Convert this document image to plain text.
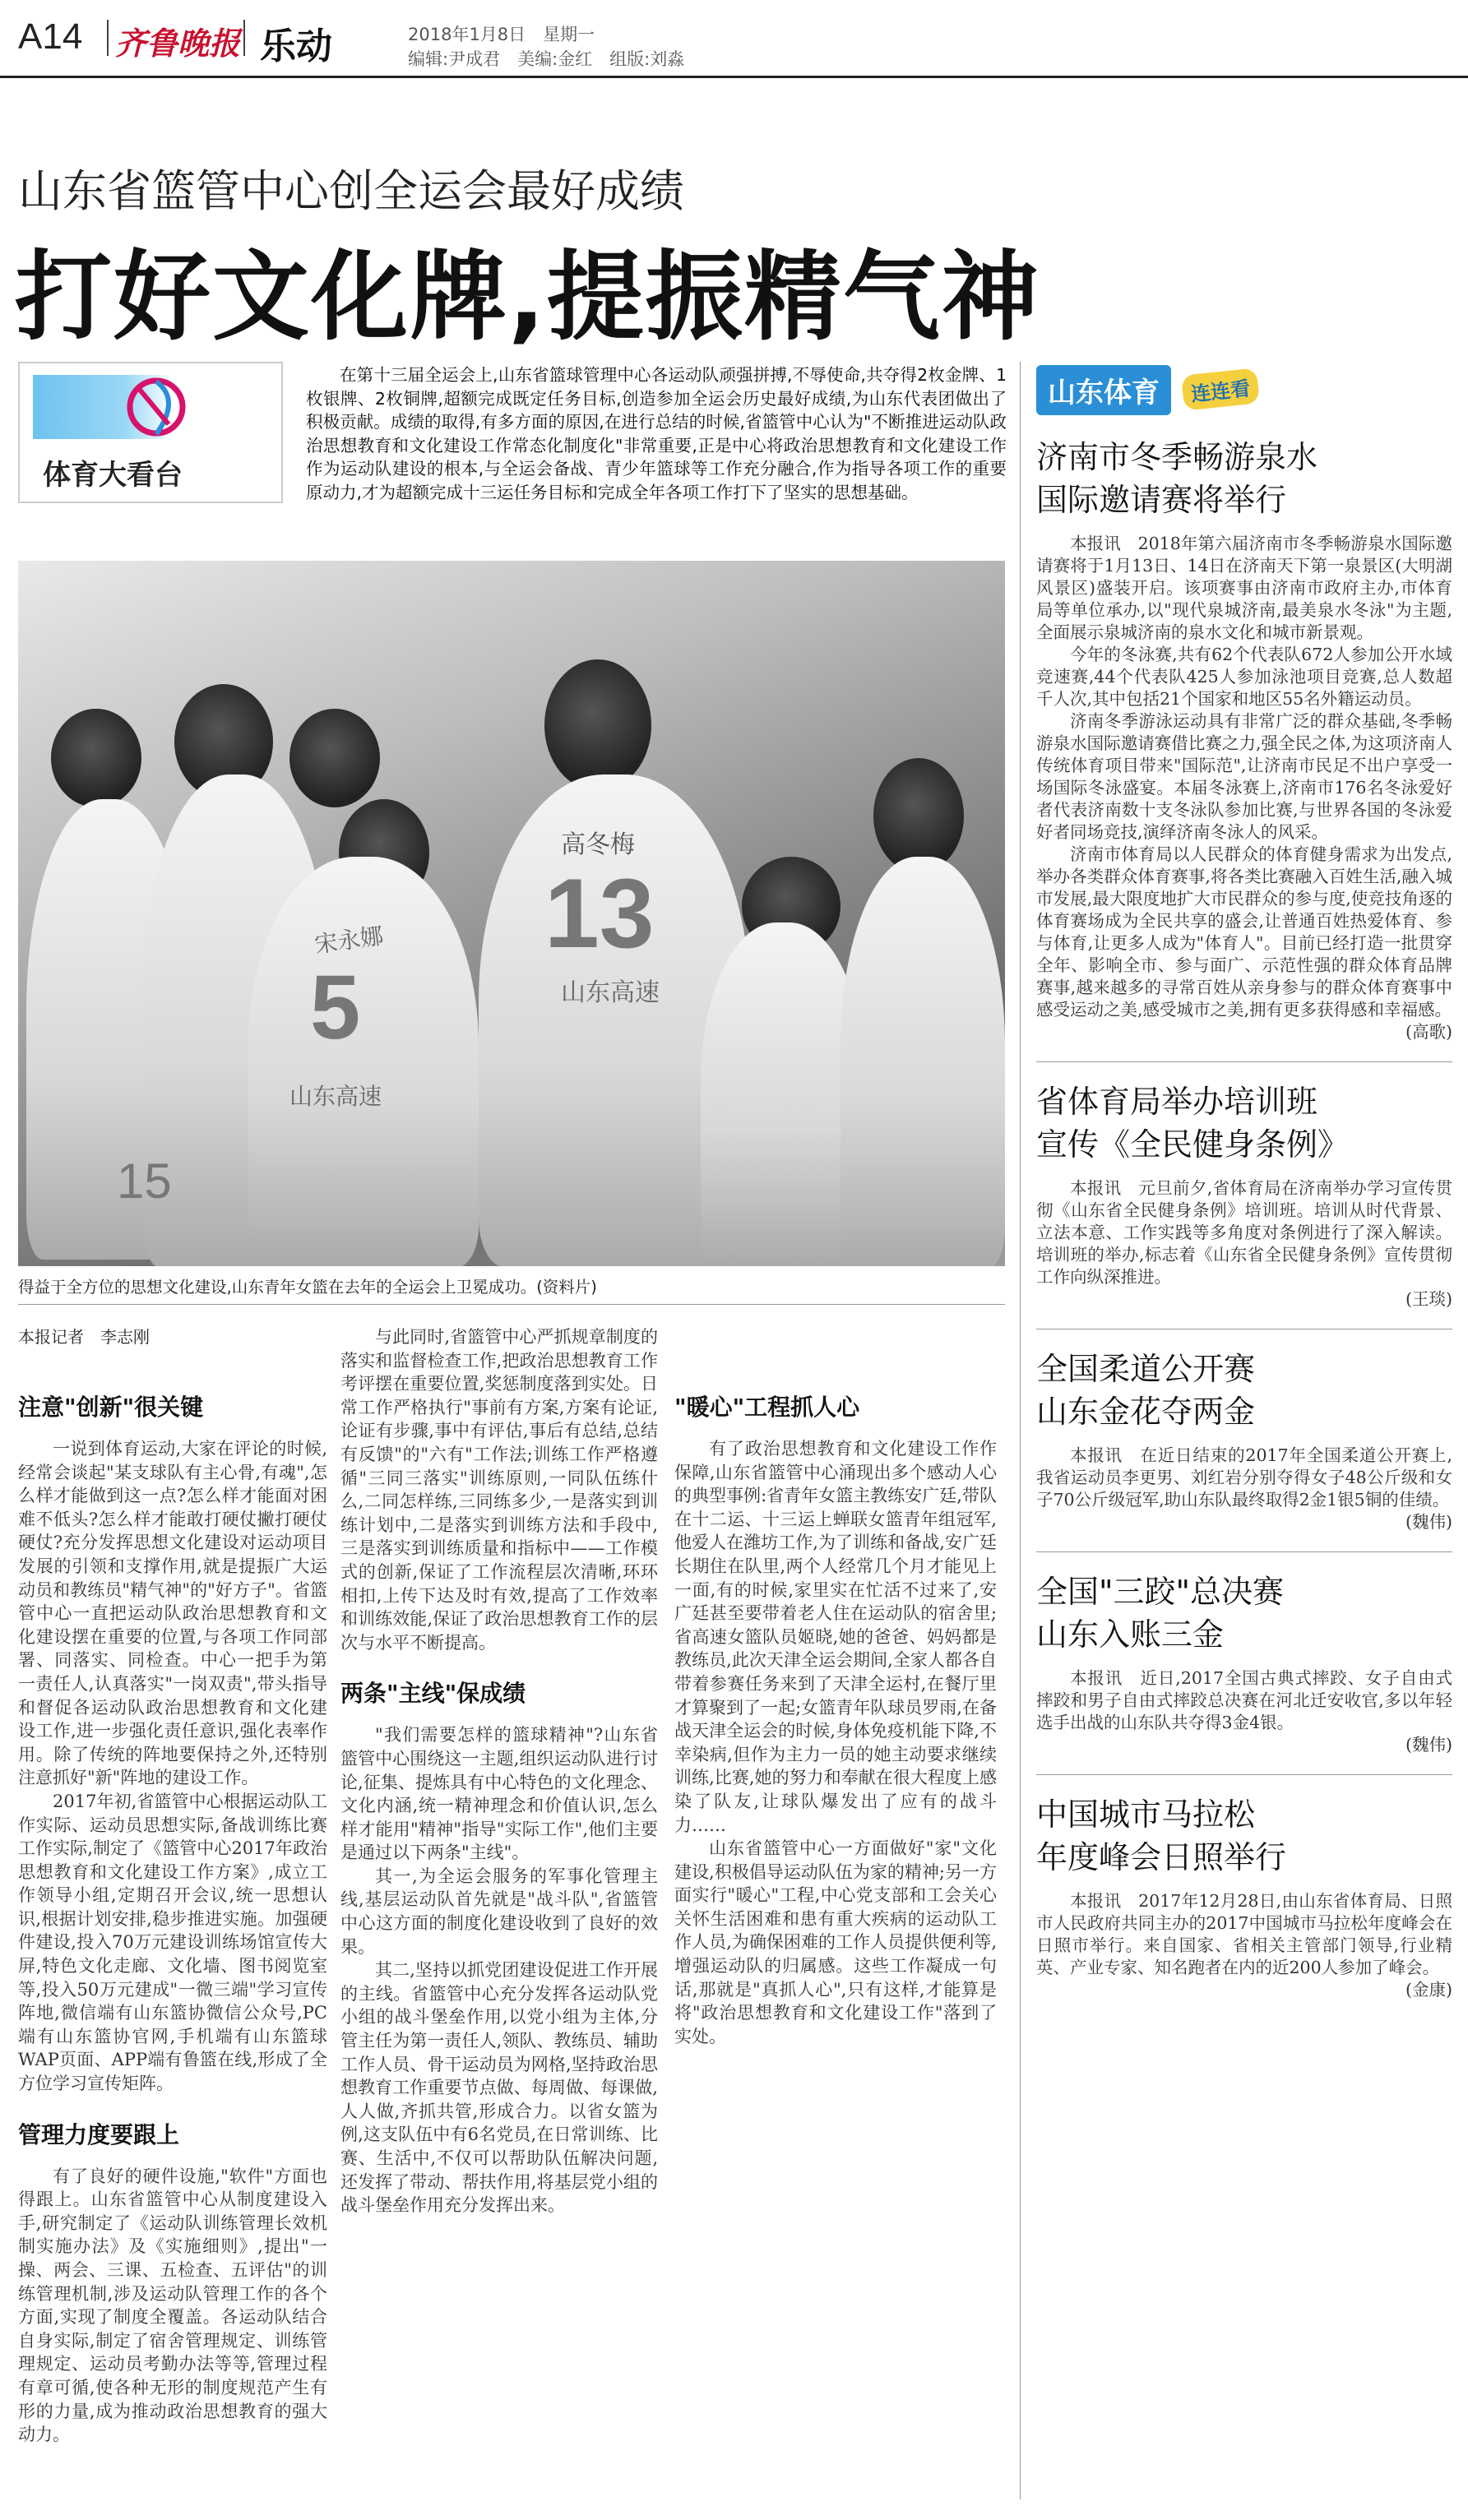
A14 齐鲁晚报 乐动	2018年1月8日　星期一
编辑:尹成君　美编:金红　组版:刘淼
山东省篮管中心创全运会最好成绩
打好文化牌,提振精气神
体育大看台

在第十三届全运会上,山东省篮球管理中心各运动队顽强拼搏,不辱使命,共夺得2枚金牌、1枚银牌、2枚铜牌,超额完成既定任务目标,创造参加全运会历史最好成绩,为山东代表团做出了积极贡献。成绩的取得,有多方面的原因,在进行总结的时候,省篮管中心认为"不断推进运动队政治思想教育和文化建设工作常态化制度化"非常重要,正是中心将政治思想教育和文化建设工作作为运动队建设的根本,与全运会备战、青少年篮球等工作充分融合,作为指导各项工作的重要原动力,才为超额完成十三运任务目标和完成全年各项工作打下了坚实的思想基础。

高冬梅
13
山东高速
宋永娜
5
山东高速
15
得益于全方位的思想文化建设,山东青年女篮在去年的全运会上卫冕成功。(资料片)
本报记者　李志刚
注意"创新"很关键

一说到体育运动,大家在评论的时候,经常会谈起"某支球队有主心骨,有魂",怎么样才能做到这一点?怎么样才能面对困难不低头?怎么样才能敢打硬仗撇打硬仗硬仗?充分发挥思想文化建设对运动项目发展的引领和支撑作用,就是提振广大运动员和教练员"精气神"的"好方子"。省篮管中心一直把运动队政治思想教育和文化建设摆在重要的位置,与各项工作同部署、同落实、同检查。中心一把手为第一责任人,认真落实"一岗双责",带头指导和督促各运动队政治思想教育和文化建设工作,进一步强化责任意识,强化表率作用。除了传统的阵地要保持之外,还特别注意抓好"新"阵地的建设工作。

2017年初,省篮管中心根据运动队工作实际、运动员思想实际,备战训练比赛工作实际,制定了《篮管中心2017年政治思想教育和文化建设工作方案》,成立工作领导小组,定期召开会议,统一思想认识,根据计划安排,稳步推进实施。加强硬件建设,投入70万元建设训练场馆宣传大屏,特色文化走廊、文化墙、图书阅览室等,投入50万元建成"一微三端"学习宣传阵地,微信端有山东篮协微信公众号,PC端有山东篮协官网,手机端有山东篮球WAP页面、APP端有鲁篮在线,形成了全方位学习宣传矩阵。

管理力度要跟上

有了良好的硬件设施,"软件"方面也得跟上。山东省篮管中心从制度建设入手,研究制定了《运动队训练管理长效机制实施办法》及《实施细则》,提出"一操、两会、三课、五检查、五评估"的训练管理机制,涉及运动队管理工作的各个方面,实现了制度全覆盖。各运动队结合自身实际,制定了宿舍管理规定、训练管理规定、运动员考勤办法等等,管理过程有章可循,使各种无形的制度规范产生有形的力量,成为推动政治思想教育的强大动力。

与此同时,省篮管中心严抓规章制度的落实和监督检查工作,把政治思想教育工作考评摆在重要位置,奖惩制度落到实处。日常工作严格执行"事前有方案,方案有论证,论证有步骤,事中有评估,事后有总结,总结有反馈"的"六有"工作法;训练工作严格遵循"三同三落实"训练原则,一同队伍练什么,二同怎样练,三同练多少,一是落实到训练计划中,二是落实到训练方法和手段中,三是落实到训练质量和指标中——工作模式的创新,保证了工作流程层次清晰,环环相扣,上传下达及时有效,提高了工作效率和训练效能,保证了政治思想教育工作的层次与水平不断提高。

两条"主线"保成绩

"我们需要怎样的篮球精神"?山东省篮管中心围绕这一主题,组织运动队进行讨论,征集、提炼具有中心特色的文化理念、文化内涵,统一精神理念和价值认识,怎么样才能用"精神"指导"实际工作",他们主要是通过以下两条"主线"。

其一,为全运会服务的军事化管理主线,基层运动队首先就是"战斗队",省篮管中心这方面的制度化建设收到了良好的效果。

其二,坚持以抓党团建设促进工作开展的主线。省篮管中心充分发挥各运动队党小组的战斗堡垒作用,以党小组为主体,分管主任为第一责任人,领队、教练员、辅助工作人员、骨干运动员为网格,坚持政治思想教育工作重要节点做、每周做、每课做,人人做,齐抓共管,形成合力。以省女篮为例,这支队伍中有6名党员,在日常训练、比赛、生活中,不仅可以帮助队伍解决问题,还发挥了带动、帮扶作用,将基层党小组的战斗堡垒作用充分发挥出来。

"暖心"工程抓人心

有了政治思想教育和文化建设工作作保障,山东省篮管中心涌现出多个感动人心的典型事例:省青年女篮主教练安广廷,带队在十二运、十三运上蝉联女篮青年组冠军,他爱人在潍坊工作,为了训练和备战,安广廷长期住在队里,两个人经常几个月才能见上一面,有的时候,家里实在忙活不过来了,安广廷甚至要带着老人住在运动队的宿舍里;省高速女篮队员姬晓,她的爸爸、妈妈都是教练员,此次天津全运会期间,全家人都各自带着参赛任务来到了天津全运村,在餐厅里才算聚到了一起;女篮青年队球员罗雨,在备战天津全运会的时候,身体免疫机能下降,不幸染病,但作为主力一员的她主动要求继续训练,比赛,她的努力和奉献在很大程度上感染了队友,让球队爆发出了应有的战斗力……

山东省篮管中心一方面做好"家"文化建设,积极倡导运动队伍为家的精神;另一方面实行"暖心"工程,中心党支部和工会关心关怀生活困难和患有重大疾病的运动队工作人员,为确保困难的工作人员提供便利等,增强运动队的归属感。这些工作凝成一句话,那就是"真抓人心",只有这样,才能算是将"政治思想教育和文化建设工作"落到了实处。

山东体育	连连看
济南市冬季畅游泉水
国际邀请赛将举行

本报讯　2018年第六届济南市冬季畅游泉水国际邀请赛将于1月13日、14日在济南天下第一泉景区(大明湖风景区)盛装开启。该项赛事由济南市政府主办,市体育局等单位承办,以"现代泉城济南,最美泉水冬泳"为主题,全面展示泉城济南的泉水文化和城市新景观。

今年的冬泳赛,共有62个代表队672人参加公开水域竞速赛,44个代表队425人参加泳池项目竞赛,总人数超千人次,其中包括21个国家和地区55名外籍运动员。

济南冬季游泳运动具有非常广泛的群众基础,冬季畅游泉水国际邀请赛借比赛之力,强全民之体,为这项济南人传统体育项目带来"国际范",让济南市民足不出户享受一场国际冬泳盛宴。本届冬泳赛上,济南市176名冬泳爱好者代表济南数十支冬泳队参加比赛,与世界各国的冬泳爱好者同场竞技,演绎济南冬泳人的风采。

济南市体育局以人民群众的体育健身需求为出发点,举办各类群众体育赛事,将各类比赛融入百姓生活,融入城市发展,最大限度地扩大市民群众的参与度,使竞技角逐的体育赛场成为全民共享的盛会,让普通百姓热爱体育、参与体育,让更多人成为"体育人"。目前已经打造一批贯穿全年、影响全市、参与面广、示范性强的群众体育品牌赛事,越来越多的寻常百姓从亲身参与的群众体育赛事中感受运动之美,感受城市之美,拥有更多获得感和幸福感。

(高歌)
省体育局举办培训班
宣传《全民健身条例》

本报讯　元旦前夕,省体育局在济南举办学习宣传贯彻《山东省全民健身条例》培训班。培训从时代背景、立法本意、工作实践等多角度对条例进行了深入解读。培训班的举办,标志着《山东省全民健身条例》宣传贯彻工作向纵深推进。

(王琰)
全国柔道公开赛
山东金花夺两金

本报讯　在近日结束的2017年全国柔道公开赛上,我省运动员李更男、刘红岩分别夺得女子48公斤级和女子70公斤级冠军,助山东队最终取得2金1银5铜的佳绩。

(魏伟)
全国"三跤"总决赛
山东入账三金

本报讯　近日,2017全国古典式摔跤、女子自由式摔跤和男子自由式摔跤总决赛在河北迁安收官,多以年轻选手出战的山东队共夺得3金4银。

(魏伟)
中国城市马拉松
年度峰会日照举行

本报讯　2017年12月28日,由山东省体育局、日照市人民政府共同主办的2017中国城市马拉松年度峰会在日照市举行。来自国家、省相关主管部门领导,行业精英、产业专家、知名跑者在内的近200人参加了峰会。

(金康)
